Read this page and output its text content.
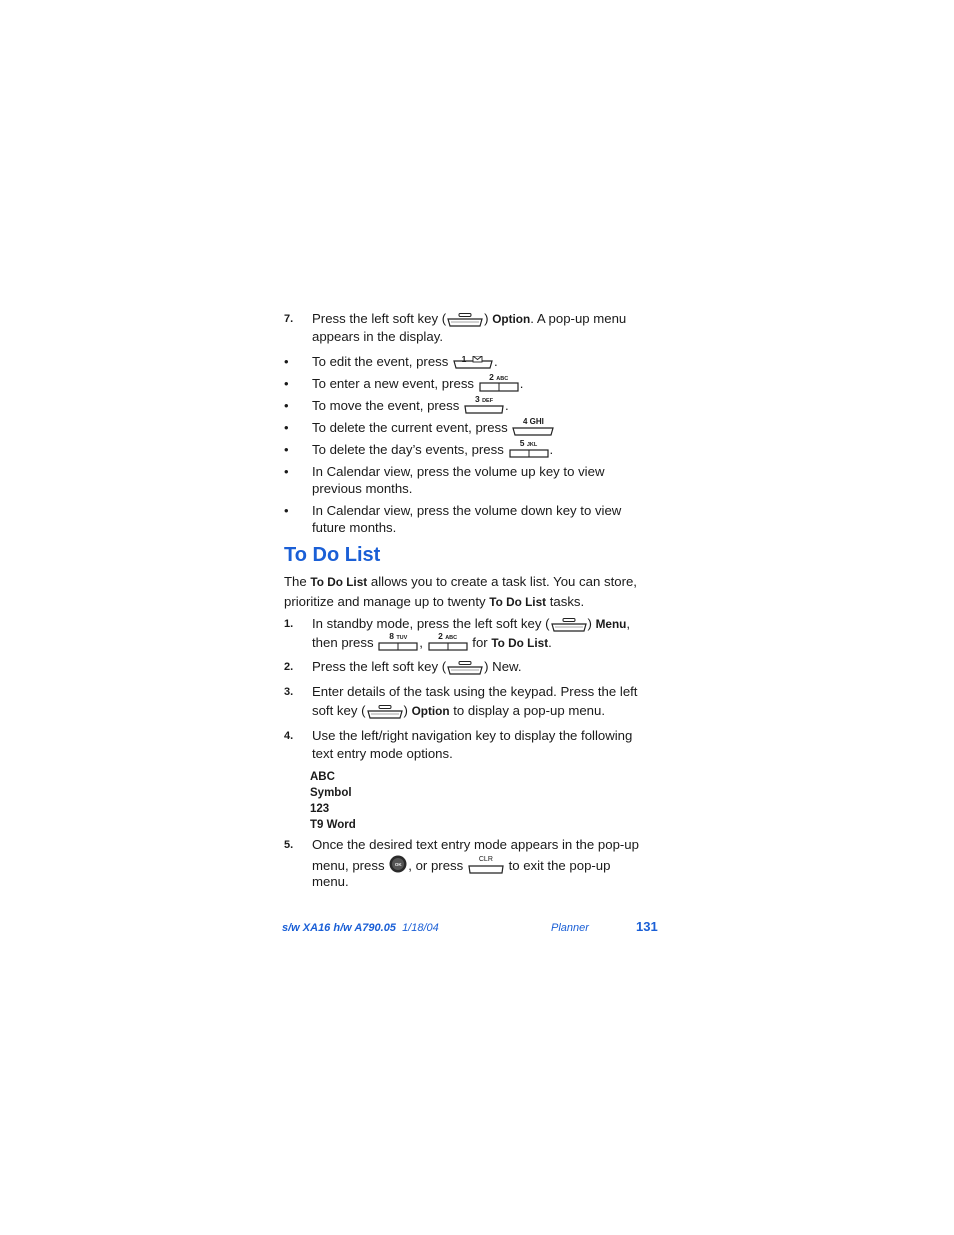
7. Press the left soft key (	) Option. A pop-up menu
appears in the display.
• To edit the event, press	1	.
• To enter a new event, press	2 ABC .
• To move the event, press	3 DEF .
• To delete the current event, press	4 GHI
• To delete the day’s events, press	5 JKL .
• In Calendar view, press the volume up key to view
previous months.
• In Calendar view, press the volume down key to view
future months.
To Do List
The To Do List allows you to create a task list. You can store,
prioritize and manage up to twenty To Do List tasks.
1. In standby mode, press the left soft key (	) Menu,
then press	8 TUV ,	2 ABC	for To Do List.
2. Press the left soft key (	) New.
3. Enter details of the task using the keypad. Press the left
soft key (	) Option to display a pop-up menu.
4. Use the left/right navigation key to display the following
text entry mode options.
ABC
Symbol
123
T9 Word
5. Once the desired text entry mode appears in the pop-up
menu, press	OK , or press	CLR	to exit the pop-up
menu.
s/w XA16 h/w A790.05 1/18/04	Planner	131
